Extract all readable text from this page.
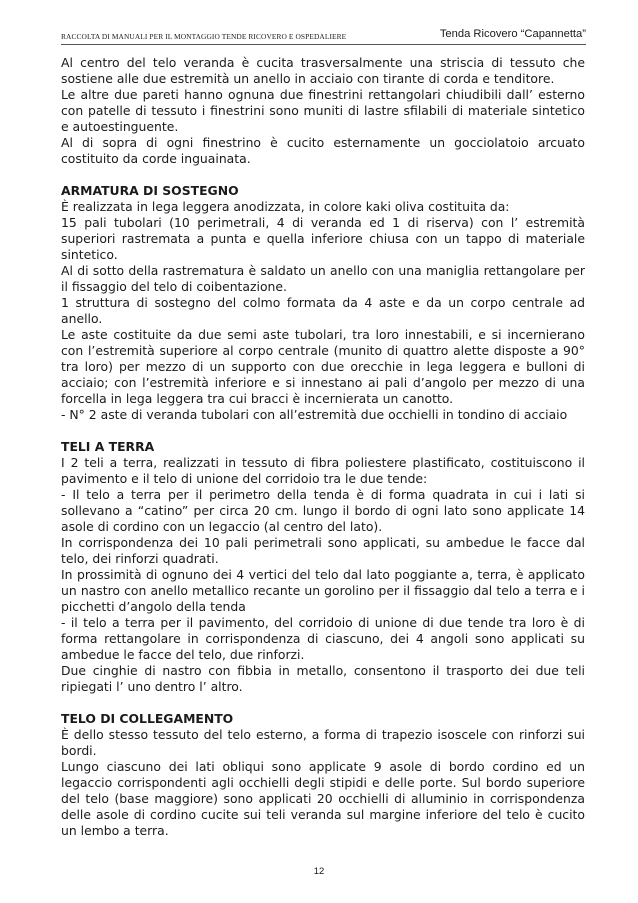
RACCOLTA DI MANUALI PER IL MONTAGGIO TENDE RICOVERO E OSPEDALIERE	Tenda Ricovero “Capannetta”

Al centro del telo veranda è cucita trasversalmente una striscia di tessuto che sostiene alle due estremità un anello in acciaio con tirante di corda e tenditore.

Le altre due pareti hanno ognuna due finestrini rettangolari chiudibili dall’ esterno con patelle di tessuto i finestrini sono muniti di lastre sfilabili di materiale sintetico e autoestinguente.

Al di sopra di ogni finestrino è cucito esternamente un gocciolatoio arcuato costituito da corde inguainata.

ARMATURA DI SOSTEGNO

È realizzata in lega leggera anodizzata, in colore kaki oliva costituita da:

15 pali tubolari (10 perimetrali, 4 di veranda ed 1 di riserva) con l’ estremità superiori rastremata a punta e quella inferiore chiusa con un tappo di materiale sintetico.

Al di sotto della rastrematura è saldato un anello con una maniglia rettangolare per il fissaggio del telo di coibentazione.

1 struttura di sostegno del colmo formata da 4 aste e da un corpo centrale ad anello.

Le aste costituite da due semi aste tubolari, tra loro innestabili, e si incernierano con l’estremità superiore al corpo centrale (munito di quattro alette disposte a 90° tra loro) per mezzo di un supporto con due orecchie in lega leggera e bulloni di acciaio; con l’estremità inferiore e si innestano ai pali d’angolo per mezzo di una forcella in lega leggera tra cui bracci è incernierata un canotto.

- N° 2 aste di veranda tubolari con all’estremità due occhielli in tondino di acciaio

TELI A TERRA

I 2 teli a terra, realizzati in tessuto di fibra poliestere plastificato, costituiscono il pavimento e il telo di unione del corridoio tra le due tende:

- Il telo a terra per il perimetro della tenda è di forma quadrata in cui i lati si sollevano a “catino” per circa 20 cm. lungo il bordo di ogni lato sono applicate 14 asole di cordino con un legaccio (al centro del lato).

In corrispondenza dei 10 pali perimetrali sono applicati, su ambedue le facce dal telo, dei rinforzi quadrati.

In prossimità di ognuno dei 4 vertici del telo dal lato poggiante a, terra, è applicato un nastro con anello metallico recante un gorolino per il fissaggio dal telo a terra e i picchetti d’angolo della tenda

- il telo a terra per il pavimento, del corridoio di unione di due tende tra loro è di forma rettangolare in corrispondenza di ciascuno, dei 4 angoli sono applicati su ambedue le facce del telo, due rinforzi.

Due cinghie di nastro con fibbia in metallo, consentono il trasporto dei due teli ripiegati l’ uno dentro l’ altro.

TELO DI COLLEGAMENTO

È dello stesso tessuto del telo esterno, a forma di trapezio isoscele con rinforzi sui bordi.

Lungo ciascuno dei lati obliqui sono applicate 9 asole di bordo cordino ed un legaccio corrispondenti agli occhielli degli stipidi e delle porte. Sul bordo superiore del telo (base maggiore) sono applicati 20 occhielli di alluminio in corrispondenza delle asole di cordino cucite sui teli veranda sul margine inferiore del telo è cucito un lembo a terra.

12
